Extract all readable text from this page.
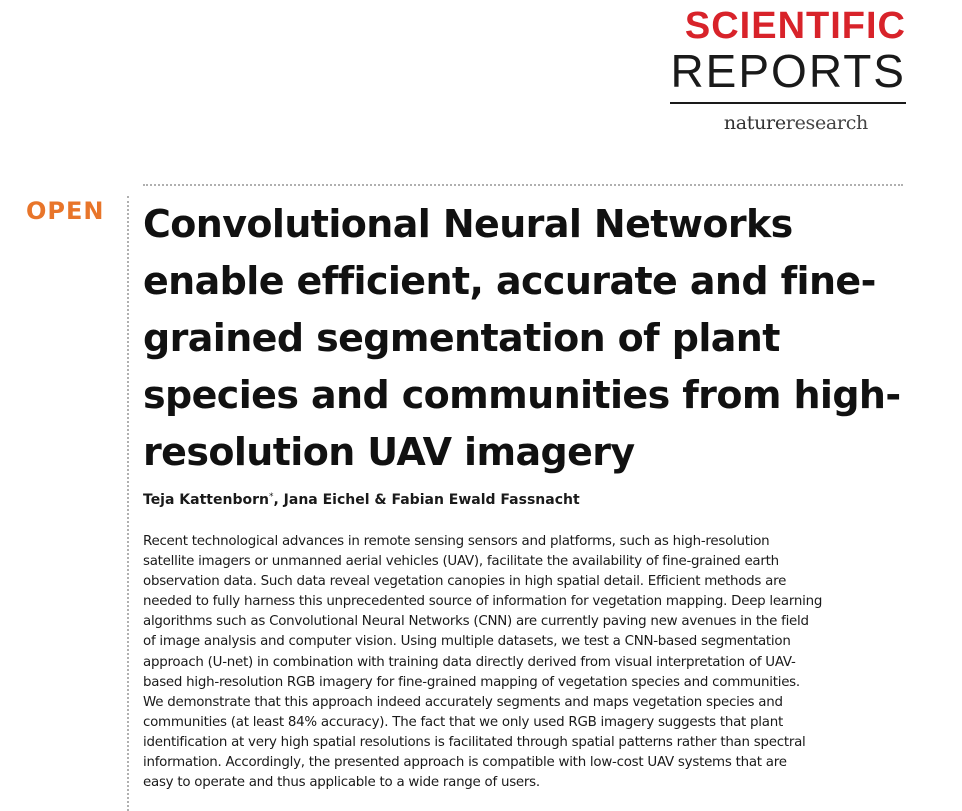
SCIENTIFIC
REPORTS
natureresearch
OPEN Convolutional Neural Networks enable efficient, accurate and fine-grained segmentation of plant species and communities from high-resolution UAV imagery
Teja Kattenborn*, Jana Eichel & Fabian Ewald Fassnacht
Recent technological advances in remote sensing sensors and platforms, such as high-resolution
satellite imagers or unmanned aerial vehicles (UAV), facilitate the availability of fine-grained earth
observation data. Such data reveal vegetation canopies in high spatial detail. Efficient methods are
needed to fully harness this unprecedented source of information for vegetation mapping. Deep learning
algorithms such as Convolutional Neural Networks (CNN) are currently paving new avenues in the field
of image analysis and computer vision. Using multiple datasets, we test a CNN-based segmentation
approach (U-net) in combination with training data directly derived from visual interpretation of UAV-
based high-resolution RGB imagery for fine-grained mapping of vegetation species and communities.
We demonstrate that this approach indeed accurately segments and maps vegetation species and
communities (at least 84% accuracy). The fact that we only used RGB imagery suggests that plant
identification at very high spatial resolutions is facilitated through spatial patterns rather than spectral
information. Accordingly, the presented approach is compatible with low-cost UAV systems that are
easy to operate and thus applicable to a wide range of users.
